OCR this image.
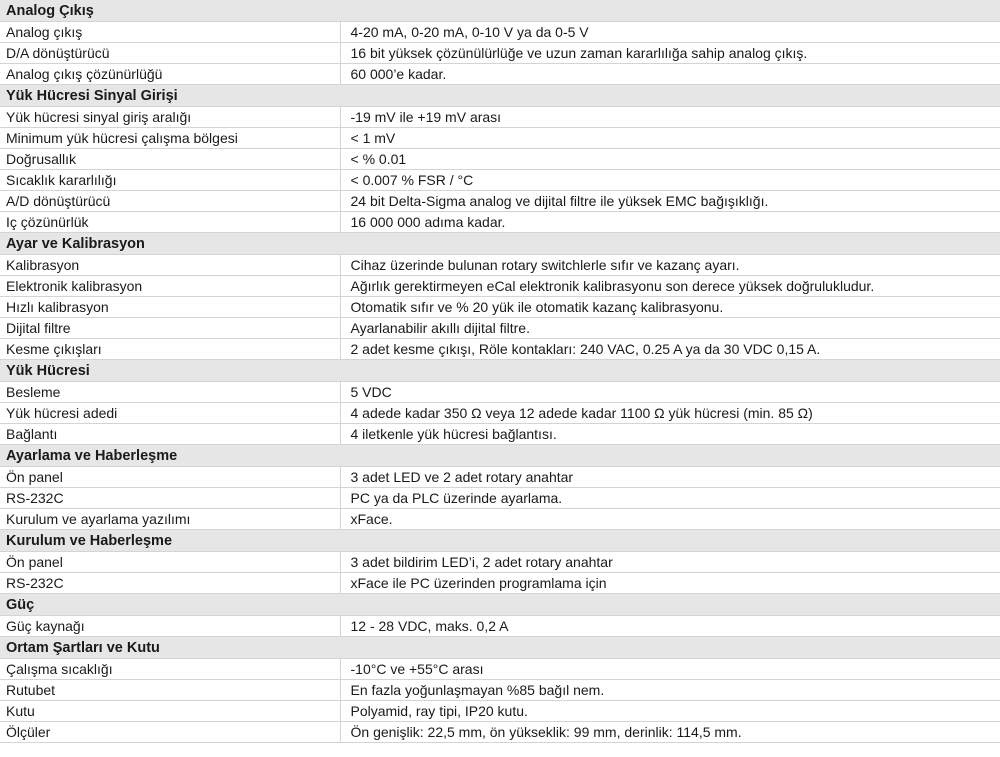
Analog Çıkış	
Analog çıkış	4-20 mA, 0-20 mA, 0-10 V ya da 0-5 V
D/A dönüştürücü	16 bit yüksek çözünülürlüğe ve uzun zaman kararlılığa sahip analog çıkış.
Analog çıkış çözünürlüğü	60 000’e kadar.
Yük Hücresi Sinyal Girişi	
Yük hücresi sinyal giriş aralığı	-19 mV ile +19 mV arası
Minimum yük hücresi çalışma bölgesi	< 1 mV
Doğrusallık	< % 0.01
Sıcaklık kararlılığı	< 0.007 % FSR / °C
A/D dönüştürücü	24 bit Delta-Sigma analog ve dijital filtre ile yüksek EMC bağışıklığı.
Iç çözünürlük	16 000 000 adıma kadar.
Ayar ve Kalibrasyon	
Kalibrasyon	Cihaz üzerinde bulunan rotary switchlerle sıfır ve kazanç ayarı.
Elektronik kalibrasyon	Ağırlık gerektirmeyen eCal elektronik kalibrasyonu son derece yüksek doğrulukludur.
Hızlı kalibrasyon	Otomatik sıfır ve % 20 yük ile otomatik kazanç kalibrasyonu.
Dijital filtre	Ayarlanabilir akıllı dijital filtre.
Kesme çıkışları	2 adet kesme çıkışı, Röle kontakları: 240 VAC, 0.25 A ya da 30 VDC 0,15 A.
Yük Hücresi	
Besleme	5 VDC
Yük hücresi adedi	4 adede kadar 350 Ω veya 12 adede kadar 1100 Ω yük hücresi (min. 85 Ω)
Bağlantı	4 iletkenle yük hücresi bağlantısı.
Ayarlama ve Haberleşme	
Ön panel	3 adet LED ve 2 adet rotary anahtar
RS-232C	PC ya da PLC üzerinde ayarlama.
Kurulum ve ayarlama yazılımı	xFace.
Kurulum ve Haberleşme	
Ön panel	3 adet bildirim LED’i, 2 adet rotary anahtar
RS-232C	xFace ile PC üzerinden programlama için
Güç	
Güç kaynağı	12 - 28 VDC, maks. 0,2 A
Ortam Şartları ve Kutu	
Çalışma sıcaklığı	-10°C ve +55°C arası
Rutubet	En fazla yoğunlaşmayan %85 bağıl nem.
Kutu	Polyamid, ray tipi, IP20 kutu.
Ölçüler	Ön genişlik: 22,5 mm, ön yükseklik: 99 mm, derinlik: 114,5 mm.
